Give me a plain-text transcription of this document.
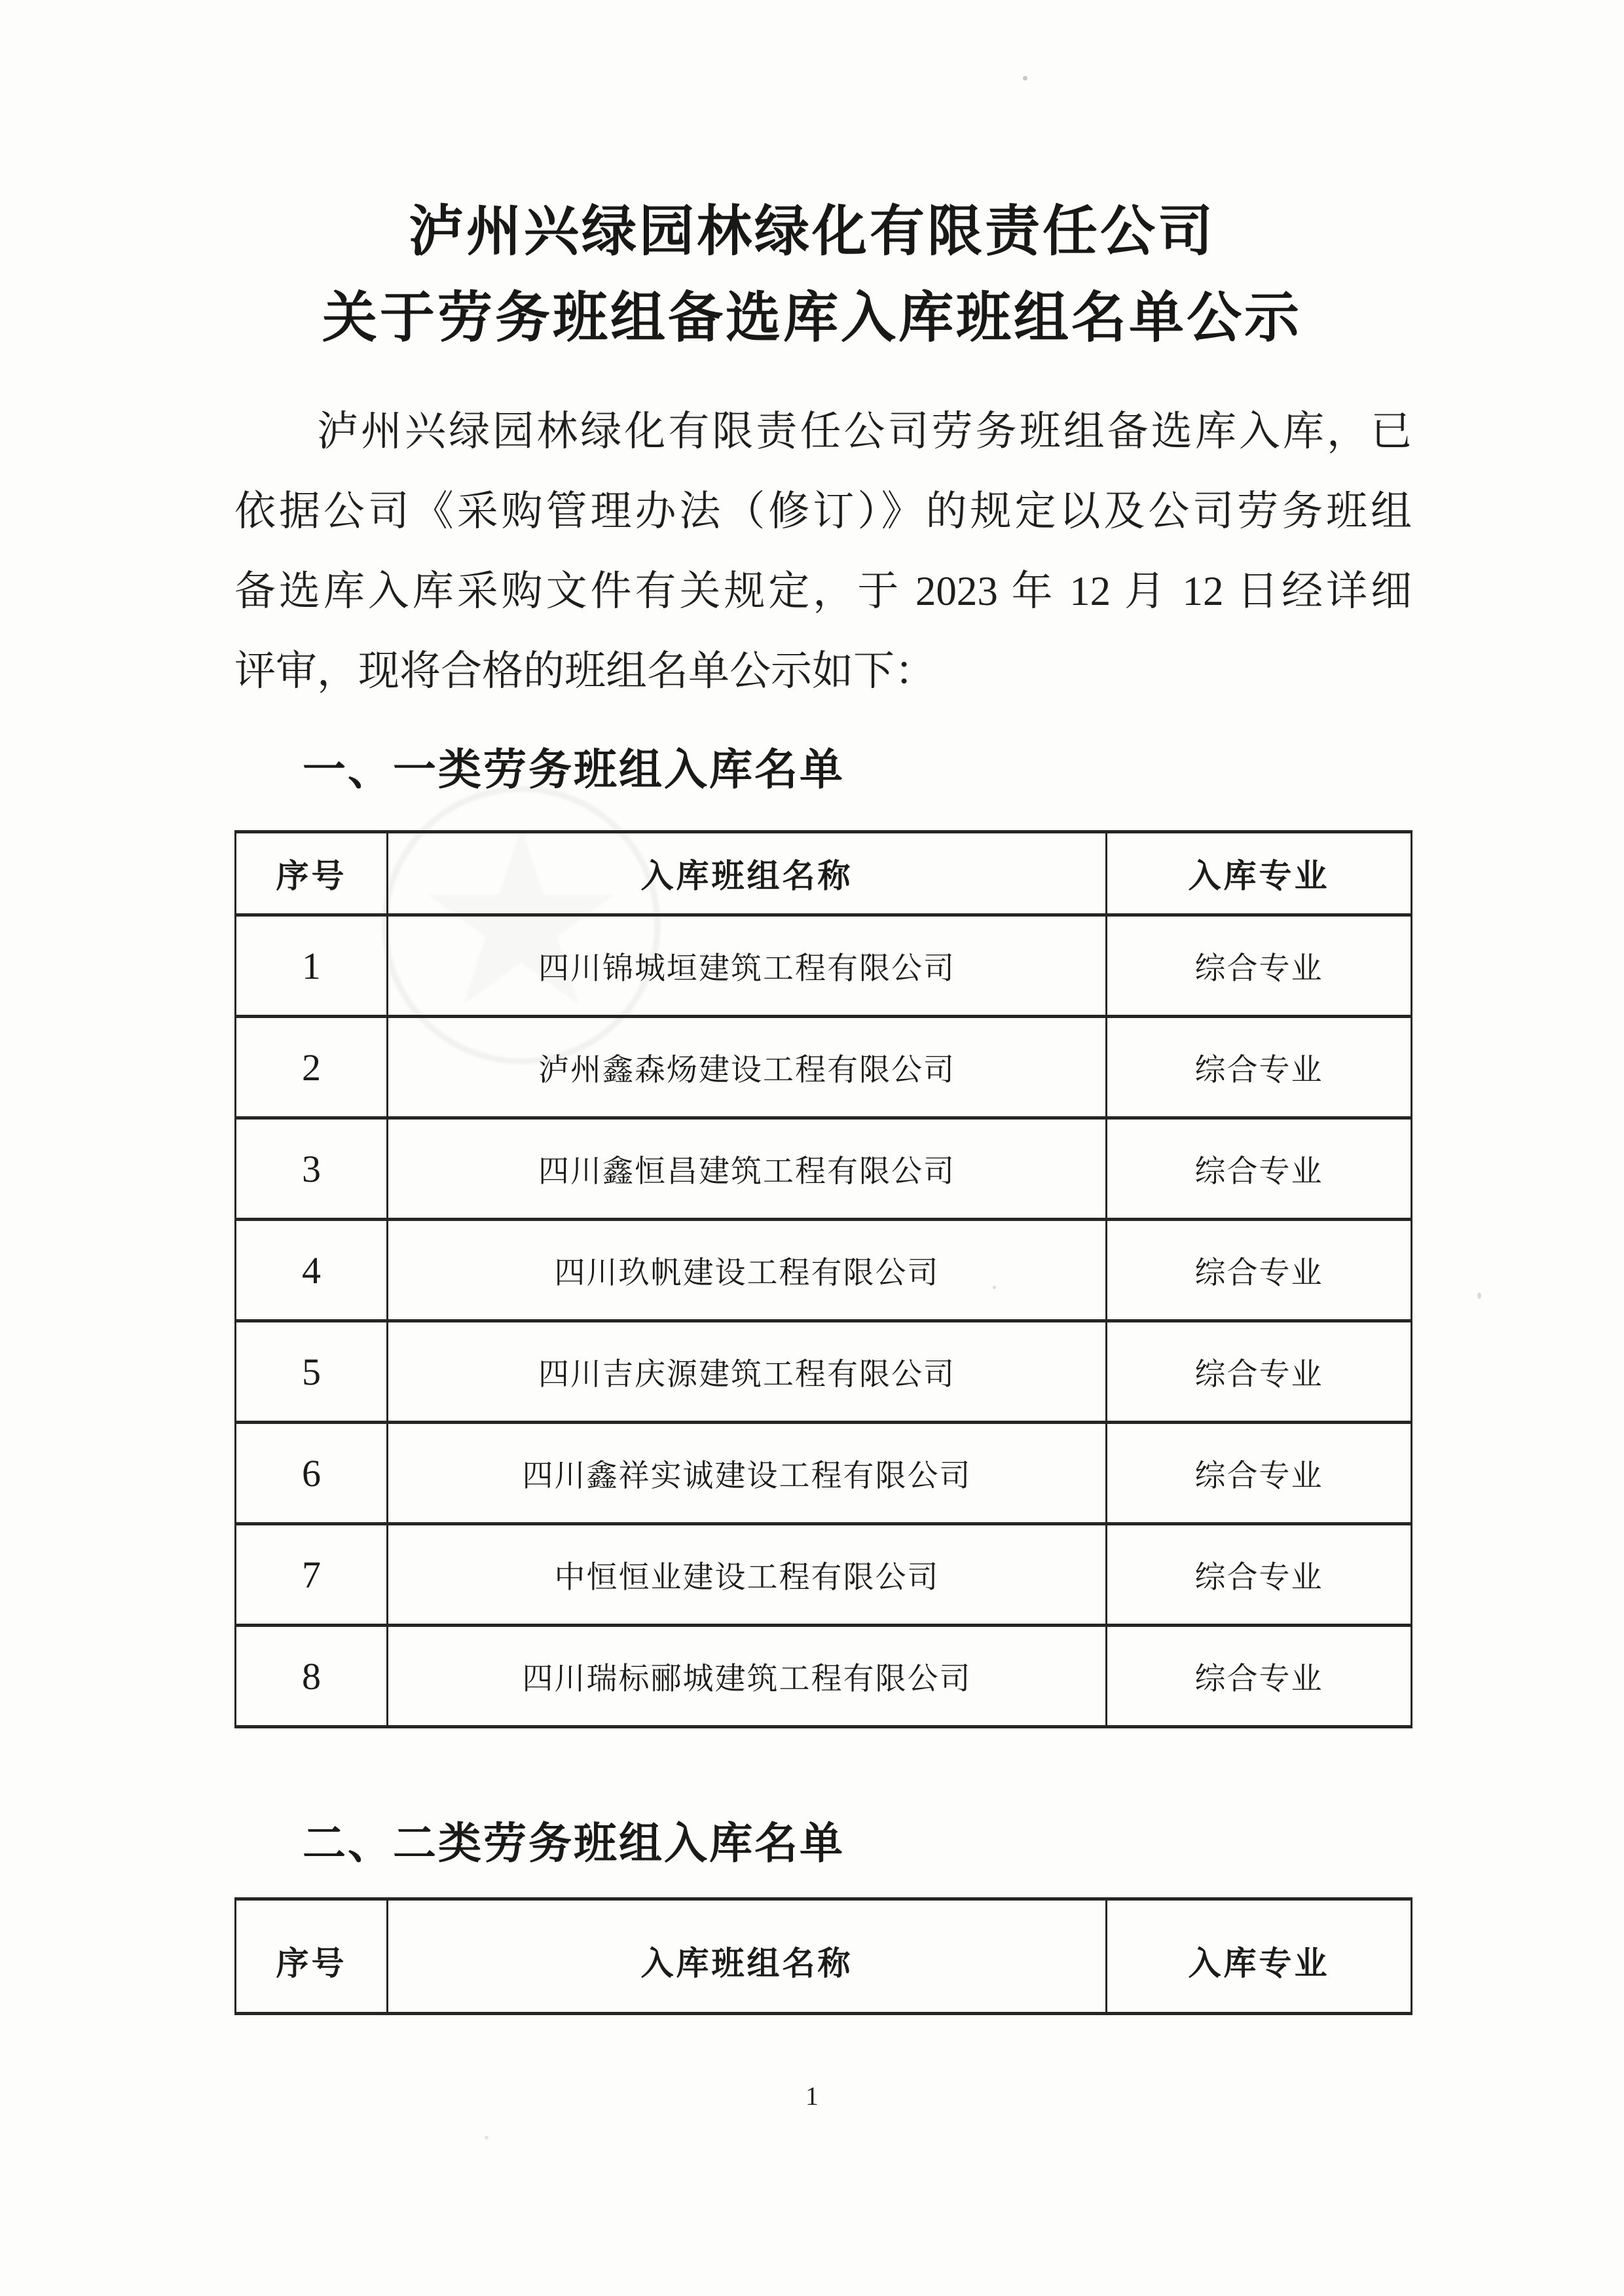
泸州兴绿园林绿化有限责任公司
关于劳务班组备选库入库班组名单公示
泸州兴绿园林绿化有限责任公司劳务班组备选库入库，已
依据公司《采购管理办法（修订）》的规定以及公司劳务班组
备选库入库采购文件有关规定，于 2023 年 12 月 12 日经详细
评审，现将合格的班组名单公示如下：
一、一类劳务班组入库名单
序号	入库班组名称	入库专业
1	四川锦城垣建筑工程有限公司	综合专业
2	泸州鑫森炀建设工程有限公司	综合专业
3	四川鑫恒昌建筑工程有限公司	综合专业
4	四川玖帆建设工程有限公司	综合专业
5	四川吉庆源建筑工程有限公司	综合专业
6	四川鑫祥实诚建设工程有限公司	综合专业
7	中恒恒业建设工程有限公司	综合专业
8	四川瑞标郦城建筑工程有限公司	综合专业
二、二类劳务班组入库名单
序号	入库班组名称	入库专业
1
